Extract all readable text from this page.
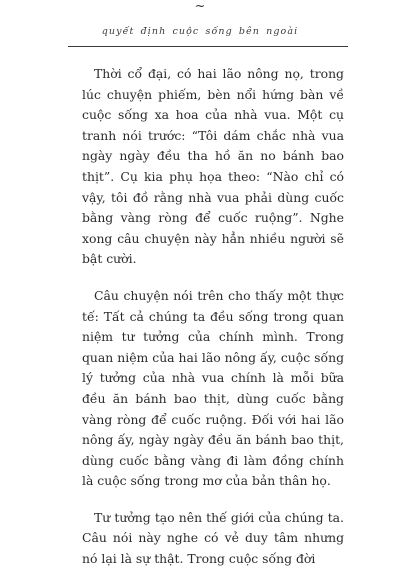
~
quyết định cuộc sống bên ngoài

Thời cổ đại, có hai lão nông nọ, trong lúc chuyện phiếm, bèn nổi hứng bàn về cuộc sống xa hoa của nhà vua. Một cụ tranh nói trước: “Tôi dám chắc nhà vua ngày ngày đều tha hồ ăn no bánh bao thịt”. Cụ kia phụ họa theo: “Nào chỉ có vậy, tôi đồ rằng nhà vua phải dùng cuốc bằng vàng ròng để cuốc ruộng”. Nghe xong câu chuyện này hẳn nhiều người sẽ bật cười.

Câu chuyện nói trên cho thấy một thực tế: Tất cả chúng ta đều sống trong quan niệm tư tưởng của chính mình. Trong quan niệm của hai lão nông ấy, cuộc sống lý tưởng của nhà vua chính là mỗi bữa đều ăn bánh bao thịt, dùng cuốc bằng vàng ròng để cuốc ruộng. Đối với hai lão nông ấy, ngày ngày đều ăn bánh bao thịt, dùng cuốc bằng vàng đi làm đồng chính là cuộc sống trong mơ của bản thân họ.

Tư tưởng tạo nên thế giới của chúng ta. Câu nói này nghe có vẻ duy tâm nhưng nó lại là sự thật. Trong cuộc sống đời
